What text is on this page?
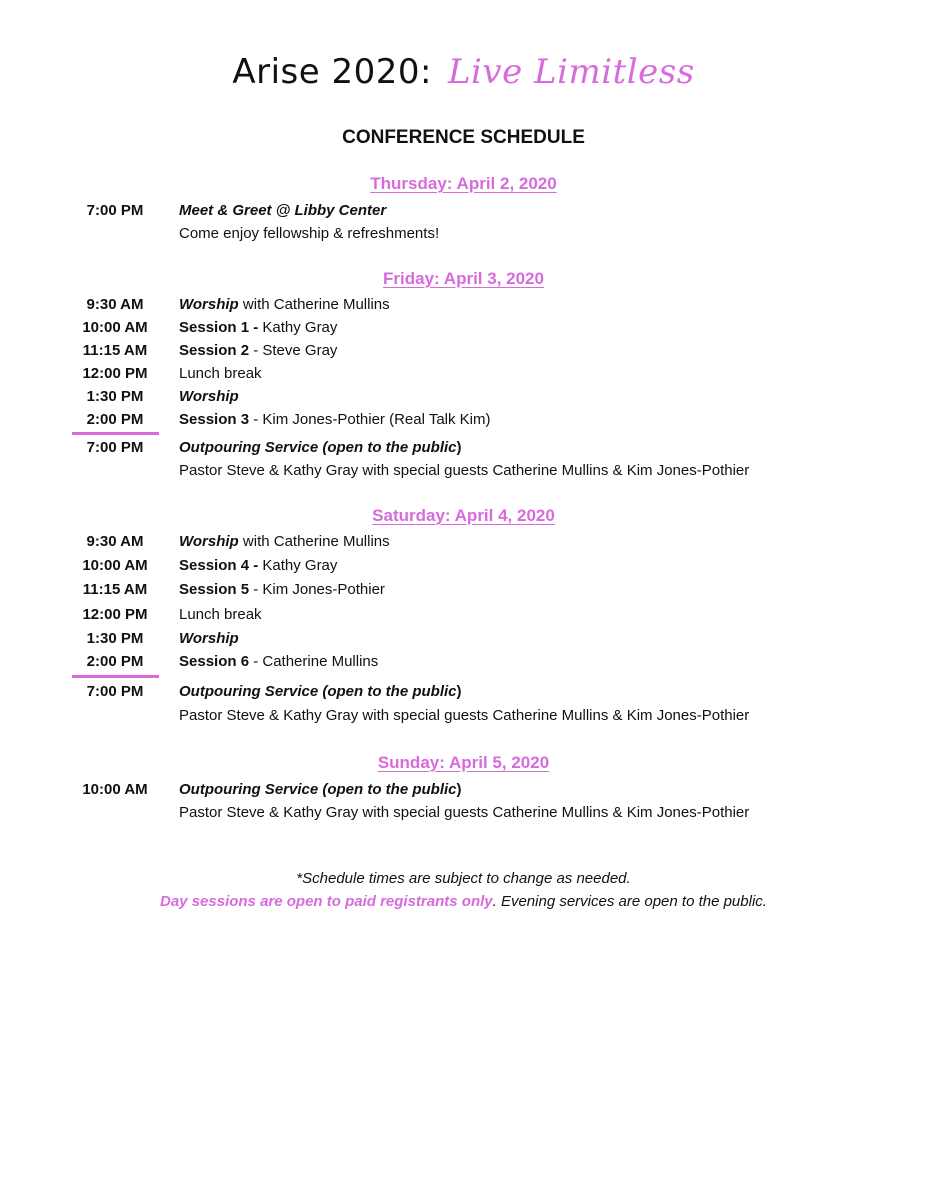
Arise 2020: Live Limitless
CONFERENCE SCHEDULE
Thursday: April 2, 2020
7:00 PM	Meet & Greet @ Libby Center
Come enjoy fellowship & refreshments!
Friday: April 3, 2020
9:30 AM	Worship with Catherine Mullins
10:00 AM	Session 1 - Kathy Gray
11:15 AM	Session 2 - Steve Gray
12:00 PM	Lunch break
1:30 PM	Worship
2:00 PM	Session 3 - Kim Jones-Pothier (Real Talk Kim)
7:00 PM	Outpouring Service (open to the public)
Pastor Steve & Kathy Gray with special guests Catherine Mullins & Kim Jones-Pothier
Saturday: April 4, 2020
9:30 AM	Worship with Catherine Mullins
10:00 AM	Session 4 - Kathy Gray
11:15 AM	Session 5 - Kim Jones-Pothier
12:00 PM	Lunch break
1:30 PM	Worship
2:00 PM	Session 6 - Catherine Mullins
7:00 PM	Outpouring Service (open to the public)
Pastor Steve & Kathy Gray with special guests Catherine Mullins & Kim Jones-Pothier
Sunday: April 5, 2020
10:00 AM	Outpouring Service (open to the public)
Pastor Steve & Kathy Gray with special guests Catherine Mullins & Kim Jones-Pothier
*Schedule times are subject to change as needed.
Day sessions are open to paid registrants only. Evening services are open to the public.
